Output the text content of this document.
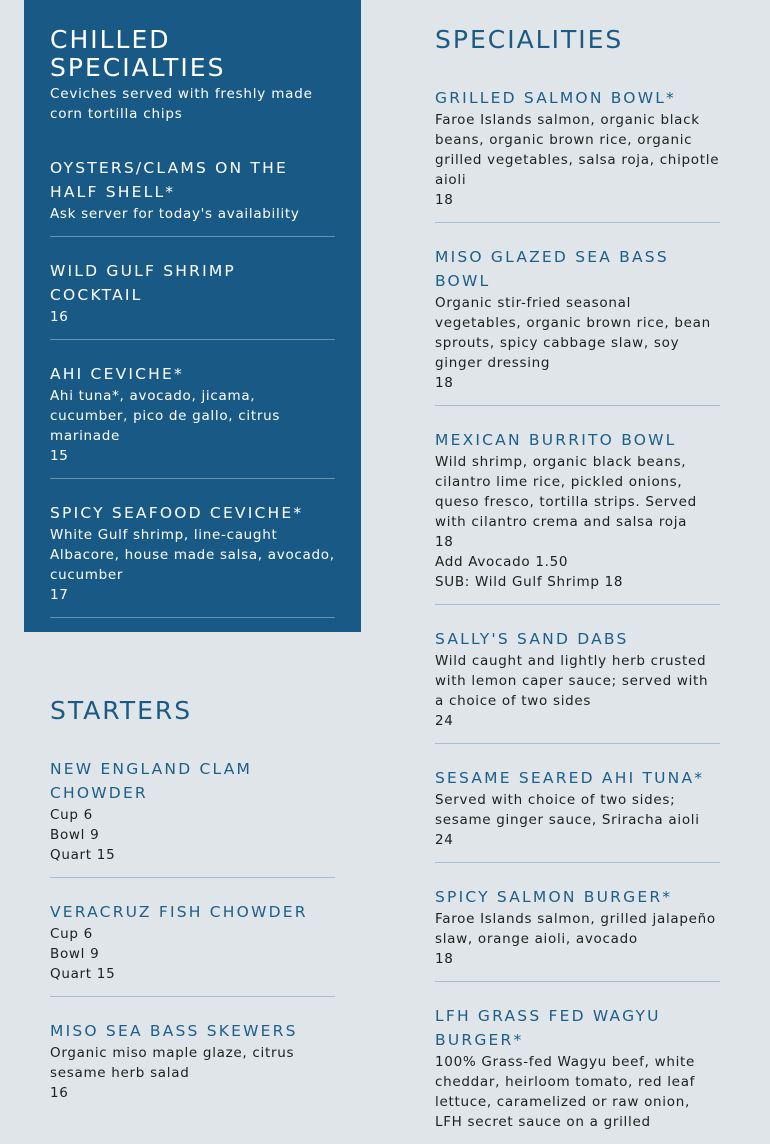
CHILLED SPECIALTIES
Ceviches served with freshly made corn tortilla chips
OYSTERS/CLAMS ON THE HALF SHELL*
Ask server for today's availability
WILD GULF SHRIMP COCKTAIL
16
AHI CEVICHE*
Ahi tuna*, avocado, jicama, cucumber, pico de gallo, citrus marinade
15
SPICY SEAFOOD CEVICHE*
White Gulf shrimp, line-caught Albacore, house made salsa, avocado, cucumber
17
STARTERS
NEW ENGLAND CLAM CHOWDER
Cup 6
Bowl 9
Quart 15
VERACRUZ FISH CHOWDER
Cup 6
Bowl 9
Quart 15
MISO SEA BASS SKEWERS
Organic miso maple glaze, citrus sesame herb salad
16
SPECIALITIES
GRILLED SALMON BOWL*
Faroe Islands salmon, organic black beans, organic brown rice, organic grilled vegetables, salsa roja, chipotle aioli
18
MISO GLAZED SEA BASS BOWL
Organic stir-fried seasonal vegetables, organic brown rice, bean sprouts, spicy cabbage slaw, soy ginger dressing
18
MEXICAN BURRITO BOWL
Wild shrimp, organic black beans, cilantro lime rice, pickled onions, queso fresco, tortilla strips. Served with cilantro crema and salsa roja
18
Add Avocado 1.50
SUB: Wild Gulf Shrimp 18
SALLY'S SAND DABS
Wild caught and lightly herb crusted with lemon caper sauce; served with a choice of two sides
24
SESAME SEARED AHI TUNA*
Served with choice of two sides; sesame ginger sauce, Sriracha aioli
24
SPICY SALMON BURGER*
Faroe Islands salmon, grilled jalapeño slaw, orange aioli, avocado
18
LFH GRASS FED WAGYU BURGER*
100% Grass-fed Wagyu beef, white cheddar, heirloom tomato, red leaf lettuce, caramelized or raw onion, LFH secret sauce on a grilled
